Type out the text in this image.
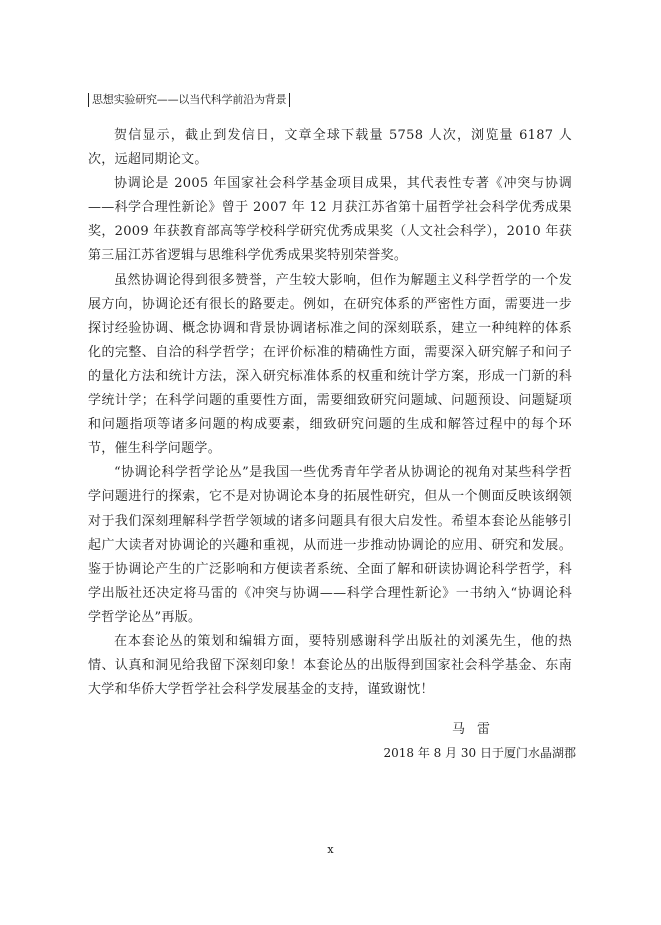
思想实验研究——以当代科学前沿为背景

贺信显示，截止到发信日，文章全球下载量 5758 人次，浏览量 6187 人次，远超同期论文。

协调论是 2005 年国家社会科学基金项目成果，其代表性专著《冲突与协调——科学合理性新论》曾于 2007 年 12 月获江苏省第十届哲学社会科学优秀成果奖，2009 年获教育部高等学校科学研究优秀成果奖（人文社会科学），2010 年获第三届江苏省逻辑与思维科学优秀成果奖特别荣誉奖。

虽然协调论得到很多赞誉，产生较大影响，但作为解题主义科学哲学的一个发展方向，协调论还有很长的路要走。例如，在研究体系的严密性方面，需要进一步探讨经验协调、概念协调和背景协调诸标准之间的深刻联系，建立一种纯粹的体系化的完整、自洽的科学哲学；在评价标准的精确性方面，需要深入研究解子和问子的量化方法和统计方法，深入研究标准体系的权重和统计学方案，形成一门新的科学统计学；在科学问题的重要性方面，需要细致研究问题域、问题预设、问题疑项和问题指项等诸多问题的构成要素，细致研究问题的生成和解答过程中的每个环节，催生科学问题学。

“协调论科学哲学论丛”是我国一些优秀青年学者从协调论的视角对某些科学哲学问题进行的探索，它不是对协调论本身的拓展性研究，但从一个侧面反映该纲领对于我们深刻理解科学哲学领域的诸多问题具有很大启发性。希望本套论丛能够引起广大读者对协调论的兴趣和重视，从而进一步推动协调论的应用、研究和发展。鉴于协调论产生的广泛影响和方便读者系统、全面了解和研读协调论科学哲学，科学出版社还决定将马雷的《冲突与协调——科学合理性新论》一书纳入“协调论科学哲学论丛”再版。

在本套论丛的策划和编辑方面，要特别感谢科学出版社的刘溪先生，他的热情、认真和洞见给我留下深刻印象！本套论丛的出版得到国家社会科学基金、东南大学和华侨大学哲学社会科学发展基金的支持，谨致谢忱！

马雷
2018 年 8 月 30 日于厦门水晶湖郡
x
